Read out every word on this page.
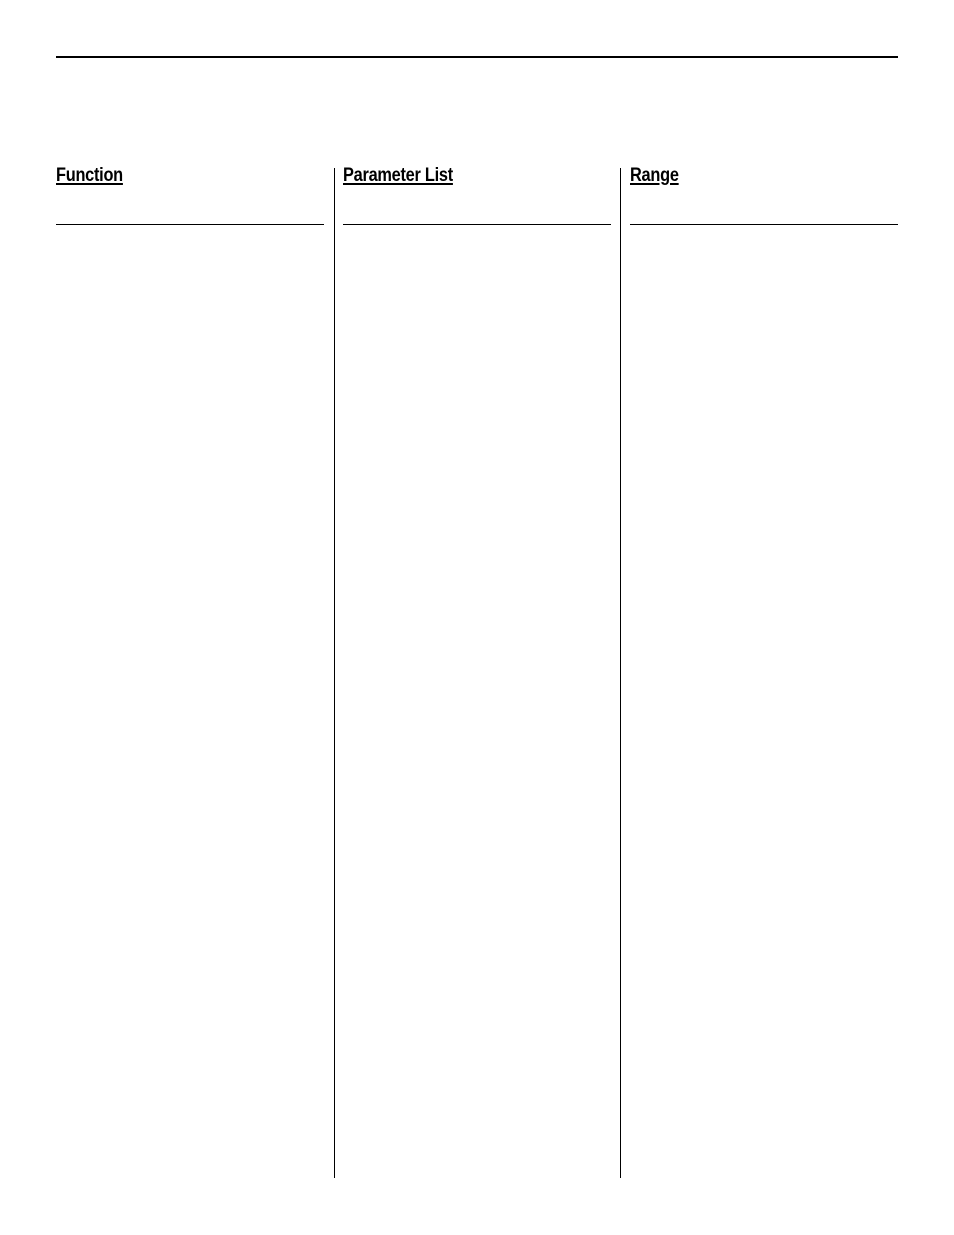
Function	Parameter List	Range
